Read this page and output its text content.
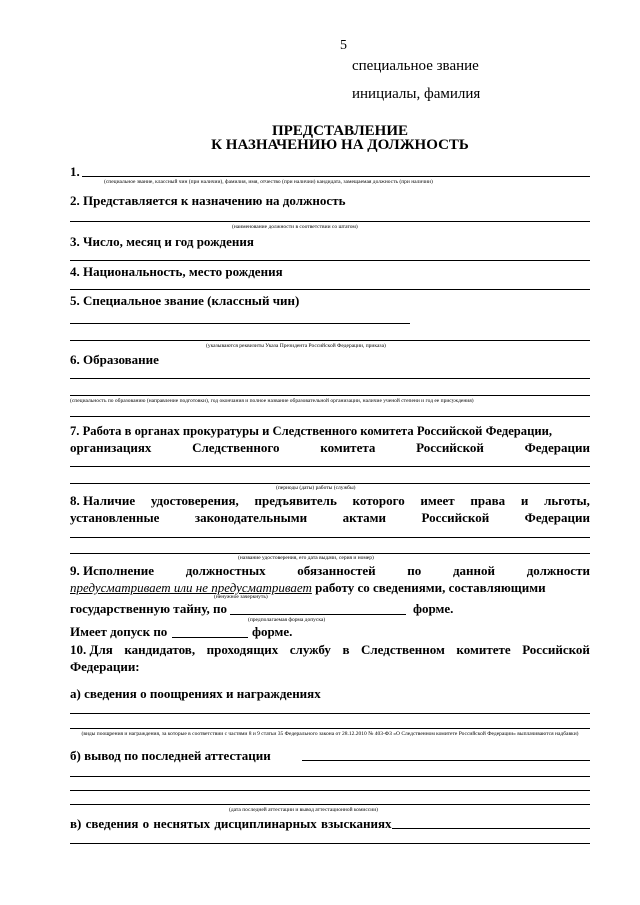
5
специальное звание
инициалы, фамилия
ПРЕДСТАВЛЕНИЕ
К НАЗНАЧЕНИЮ НА ДОЛЖНОСТЬ
1.
(специальное звание, классный чин (при наличии), фамилия, имя, отчество (при наличии) кандидата, замещаемая должность (при наличии)
2. Представляется к назначению на должность
(наименование должности в соответствии со штатом)
3. Число, месяц и год рождения
4. Национальность, место рождения
5. Специальное звание (классный чин)
(указываются реквизиты Указа Президента Российской Федерации, приказа)
6. Образование
(специальность по образованию (направление подготовки), год окончания и полное название образовательной организации, наличие ученой степени и год ее присуждения)
7. Работа в органах прокуратуры и Следственного комитета Российской Федерации,
организациях	Следственного	комитета	Российской	Федерации
(периоды (даты) работы (службы)
8. Наличие удостоверения, предъявитель которого имеет права и льготы,
установленные	законодательными	актами	Российской	Федерации
(название удостоверения, его дата выдачи, серия и номер)
9. Исполнение должностных обязанностей по данной должности
предусматривает или не предусматривает работу со сведениями, составляющими
(ненужное зачеркнуть)
государственную тайну, по	форме.
(предполагаемая форма допуска)
Имеет допуск по	форме.
10. Для кандидатов, проходящих службу в Следственном комитете Российской
Федерации:
а) сведения о поощрениях и награждениях
(виды поощрения и награждения, за которые в соответствии с частями 8 и 9 статьи 35 Федерального закона от 28.12.2010 № 403-ФЗ «О Следственном комитете Российской Федерации» выплачиваются надбавки)
б) вывод по последней аттестации
(дата последней аттестации и вывод аттестационной комиссии)
в) сведения о неснятых дисциплинарных взысканиях
